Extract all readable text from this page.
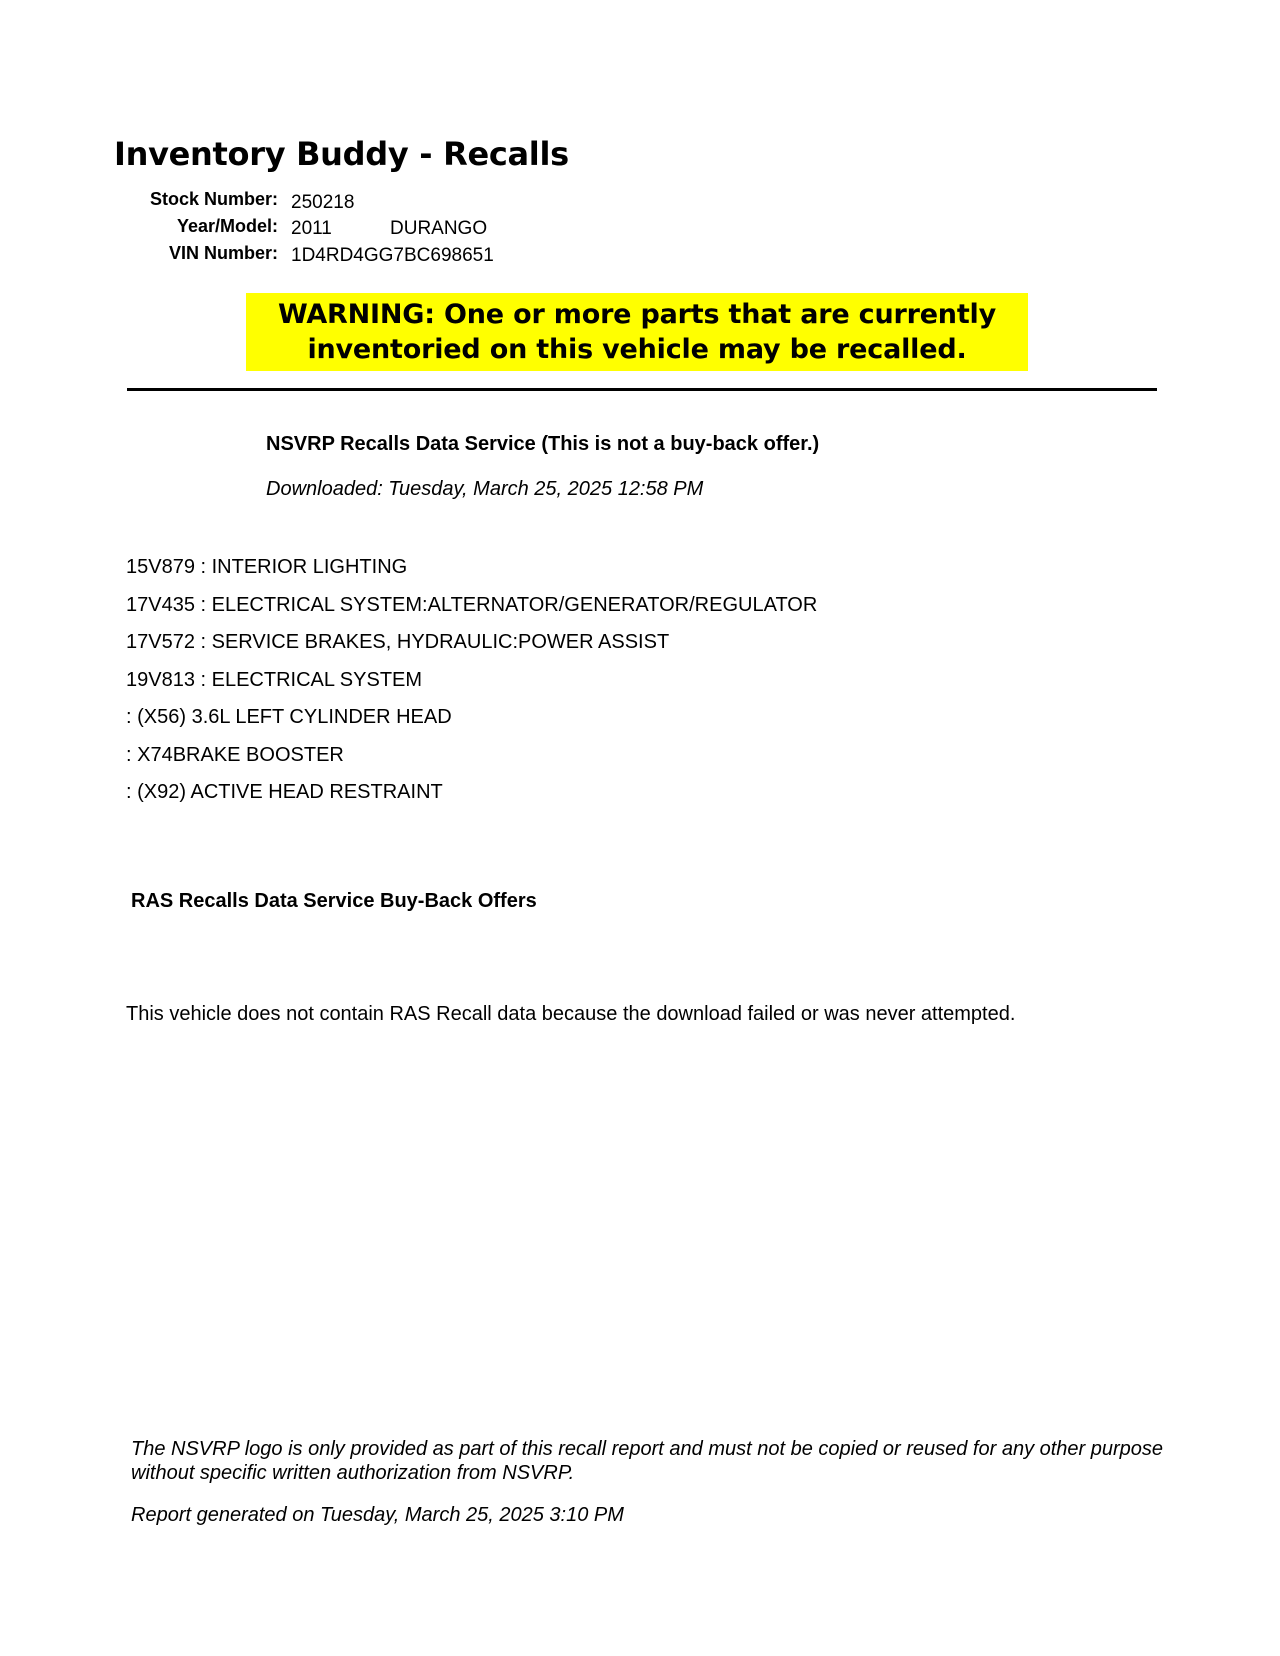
Inventory Buddy - Recalls
Stock Number: 250218
Year/Model: 2011	DURANGO
VIN Number: 1D4RD4GG7BC698651
WARNING: One or more parts that are currently
inventoried on this vehicle may be recalled.
NSVRP Recalls Data Service (This is not a buy-back offer.)
Downloaded: Tuesday, March 25, 2025 12:58 PM
15V879 : INTERIOR LIGHTING
17V435 : ELECTRICAL SYSTEM:ALTERNATOR/GENERATOR/REGULATOR
17V572 : SERVICE BRAKES, HYDRAULIC:POWER ASSIST
19V813 : ELECTRICAL SYSTEM
: (X56) 3.6L LEFT CYLINDER HEAD
: X74BRAKE BOOSTER
: (X92) ACTIVE HEAD RESTRAINT
RAS Recalls Data Service Buy-Back Offers
This vehicle does not contain RAS Recall data because the download failed or was never attempted.
The NSVRP logo is only provided as part of this recall report and must not be copied or reused for any other purpose without specific written authorization from NSVRP.
Report generated on Tuesday, March 25, 2025 3:10 PM
